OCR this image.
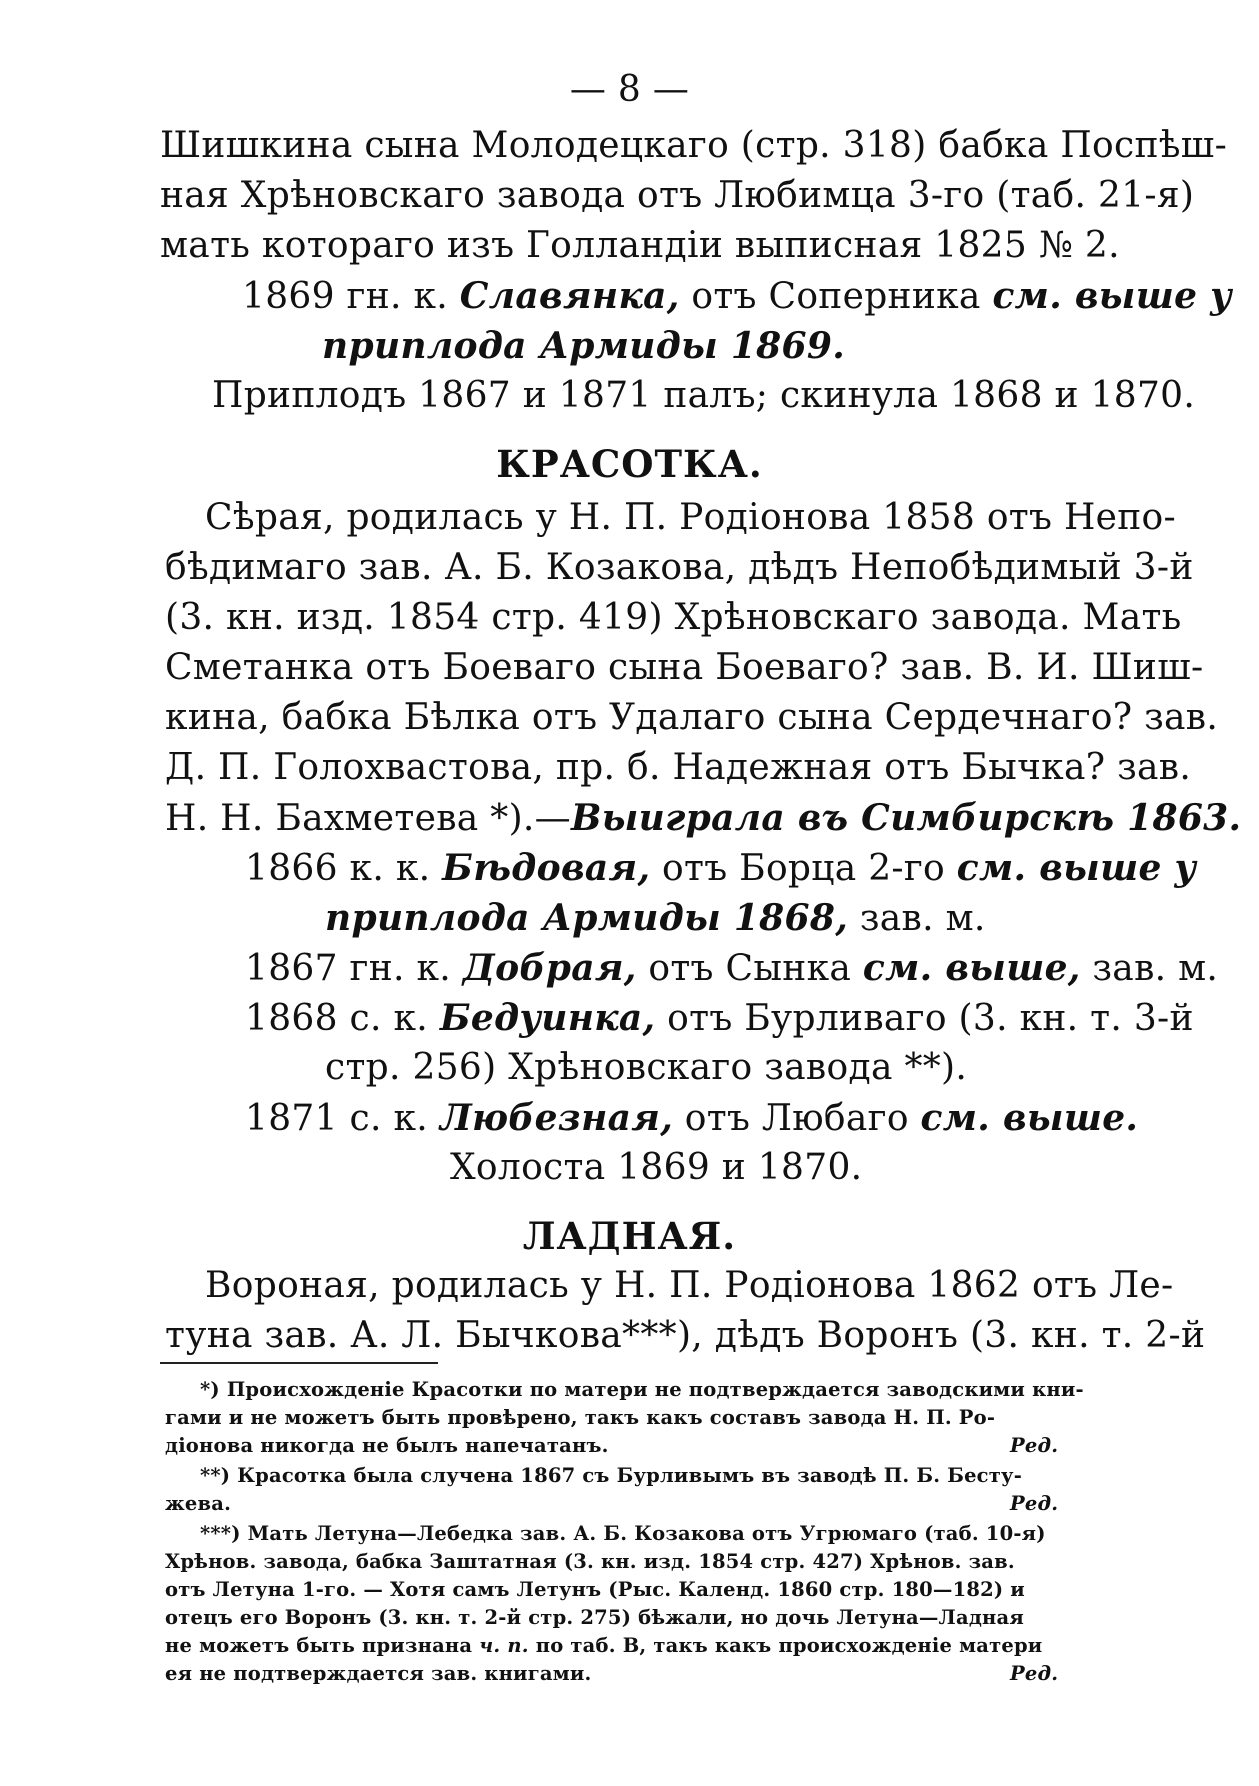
— 8 —
Шишкина сына Молодецкаго (стр. 318) бабка Поспѣш-
ная Хрѣновскаго завода отъ Любимца 3-го (таб. 21-я)
мать котораго изъ Голландіи выписная 1825 № 2.
1869 гн. к. Славянка, отъ Соперника см. выше у
приплода Армиды 1869.
Приплодъ 1867 и 1871 палъ; скинула 1868 и 1870.
КРАСОТКА.
Сѣрая, родилась у Н. П. Родіонова 1858 отъ Непо-
бѣдимаго зав. А. Б. Козакова, дѣдъ Непобѣдимый 3-й
(3. кн. изд. 1854 стр. 419) Хрѣновскаго завода. Мать
Сметанка отъ Боеваго сына Боеваго? зав. В. И. Шиш-
кина, бабка Бѣлка отъ Удалаго сына Сердечнаго? зав.
Д. П. Голохвастова, пр. б. Надежная отъ Бычка? зав.
Н. Н. Бахметева *).—Выиграла въ Симбирскѣ 1863.
1866 к. к. Бѣдовая, отъ Борца 2-го см. выше у
приплода Армиды 1868, зав. м.
1867 гн. к. Добрая, отъ Сынка см. выше, зав. м.
1868 с. к. Бедуинка, отъ Бурливаго (3. кн. т. 3-й
стр. 256) Хрѣновскаго завода **).
1871 с. к. Любезная, отъ Любаго см. выше.
Холоста 1869 и 1870.
ЛАДНАЯ.
Вороная, родилась у Н. П. Родіонова 1862 отъ Ле-
*) Происхожденіе Красотки по матери не подтверждается заводскими кни-
гами и не можетъ быть провѣрено, такъ какъ составъ завода Н. П. Ро-
діонова никогда не былъ напечатанъ.	Ред.
**) Красотка была случена 1867 съ Бурливымъ въ заводѣ П. Б. Бесту-
жева.	Ред.
***) Мать Летуна—Лебедка зав. А. Б. Козакова отъ Угрюмаго (таб. 10-я)
Хрѣнов. завода, бабка Заштатная (3. кн. изд. 1854 стр. 427) Хрѣнов. зав.
отъ Летуна 1-го. — Хотя самъ Летунъ (Рыс. Календ. 1860 стр. 180—182) и
отецъ его Воронъ (3. кн. т. 2-й стр. 275) бѣжали, но дочь Летуна—Ладная
не можетъ быть признана ч. п. по таб. В, такъ какъ происхожденіе матери
ея не подтверждается зав. книгами.	Ред.
туна зав. А. Л. Бычкова***), дѣдъ Воронъ (3. кн. т. 2-й
